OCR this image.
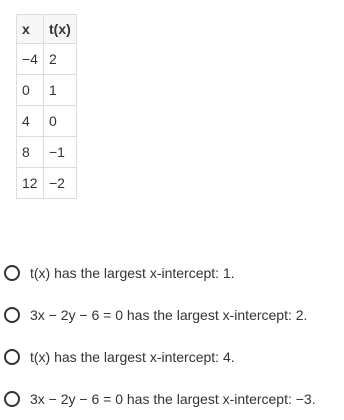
x	t(x)
−4	2
0	1
4	0
8	−1
12	−2
t(x) has the largest x-intercept: 1.
3x − 2y − 6 = 0 has the largest x-intercept: 2.
t(x) has the largest x-intercept: 4.
3x − 2y − 6 = 0 has the largest x-intercept: −3.
